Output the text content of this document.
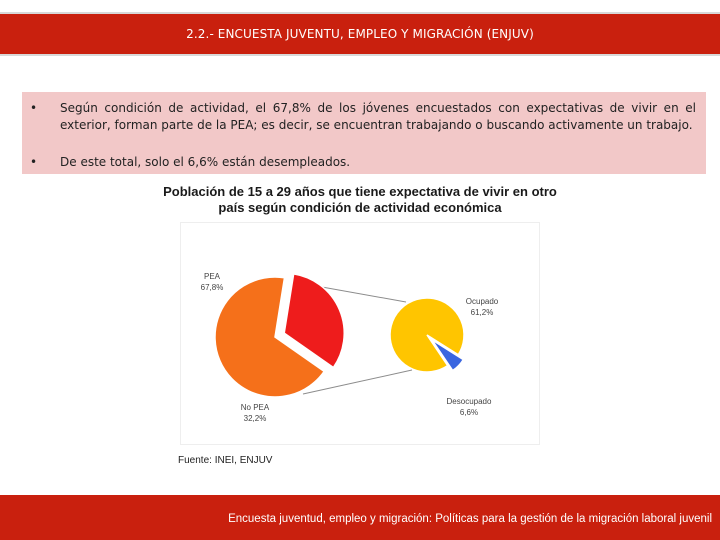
2.2.- ENCUESTA JUVENTU, EMPLEO Y MIGRACIÓN (ENJUV)
• Según condición de actividad, el 67,8% de los jóvenes encuestados con expectativas de vivir en el exterior, forman parte de la PEA; es decir, se encuentran trabajando o buscando activamente un trabajo.
• De este total, solo el 6,6% están desempleados.
Población de 15 a 29 años que tiene expectativa de vivir en otro país según condición de actividad económica
PEA
67,8%
No PEA
32,2%
Ocupado
61,2%
Desocupado
6,6%
Fuente: INEI, ENJUV
Encuesta juventud, empleo y migración: Políticas para la gestión de la migración laboral juvenil
